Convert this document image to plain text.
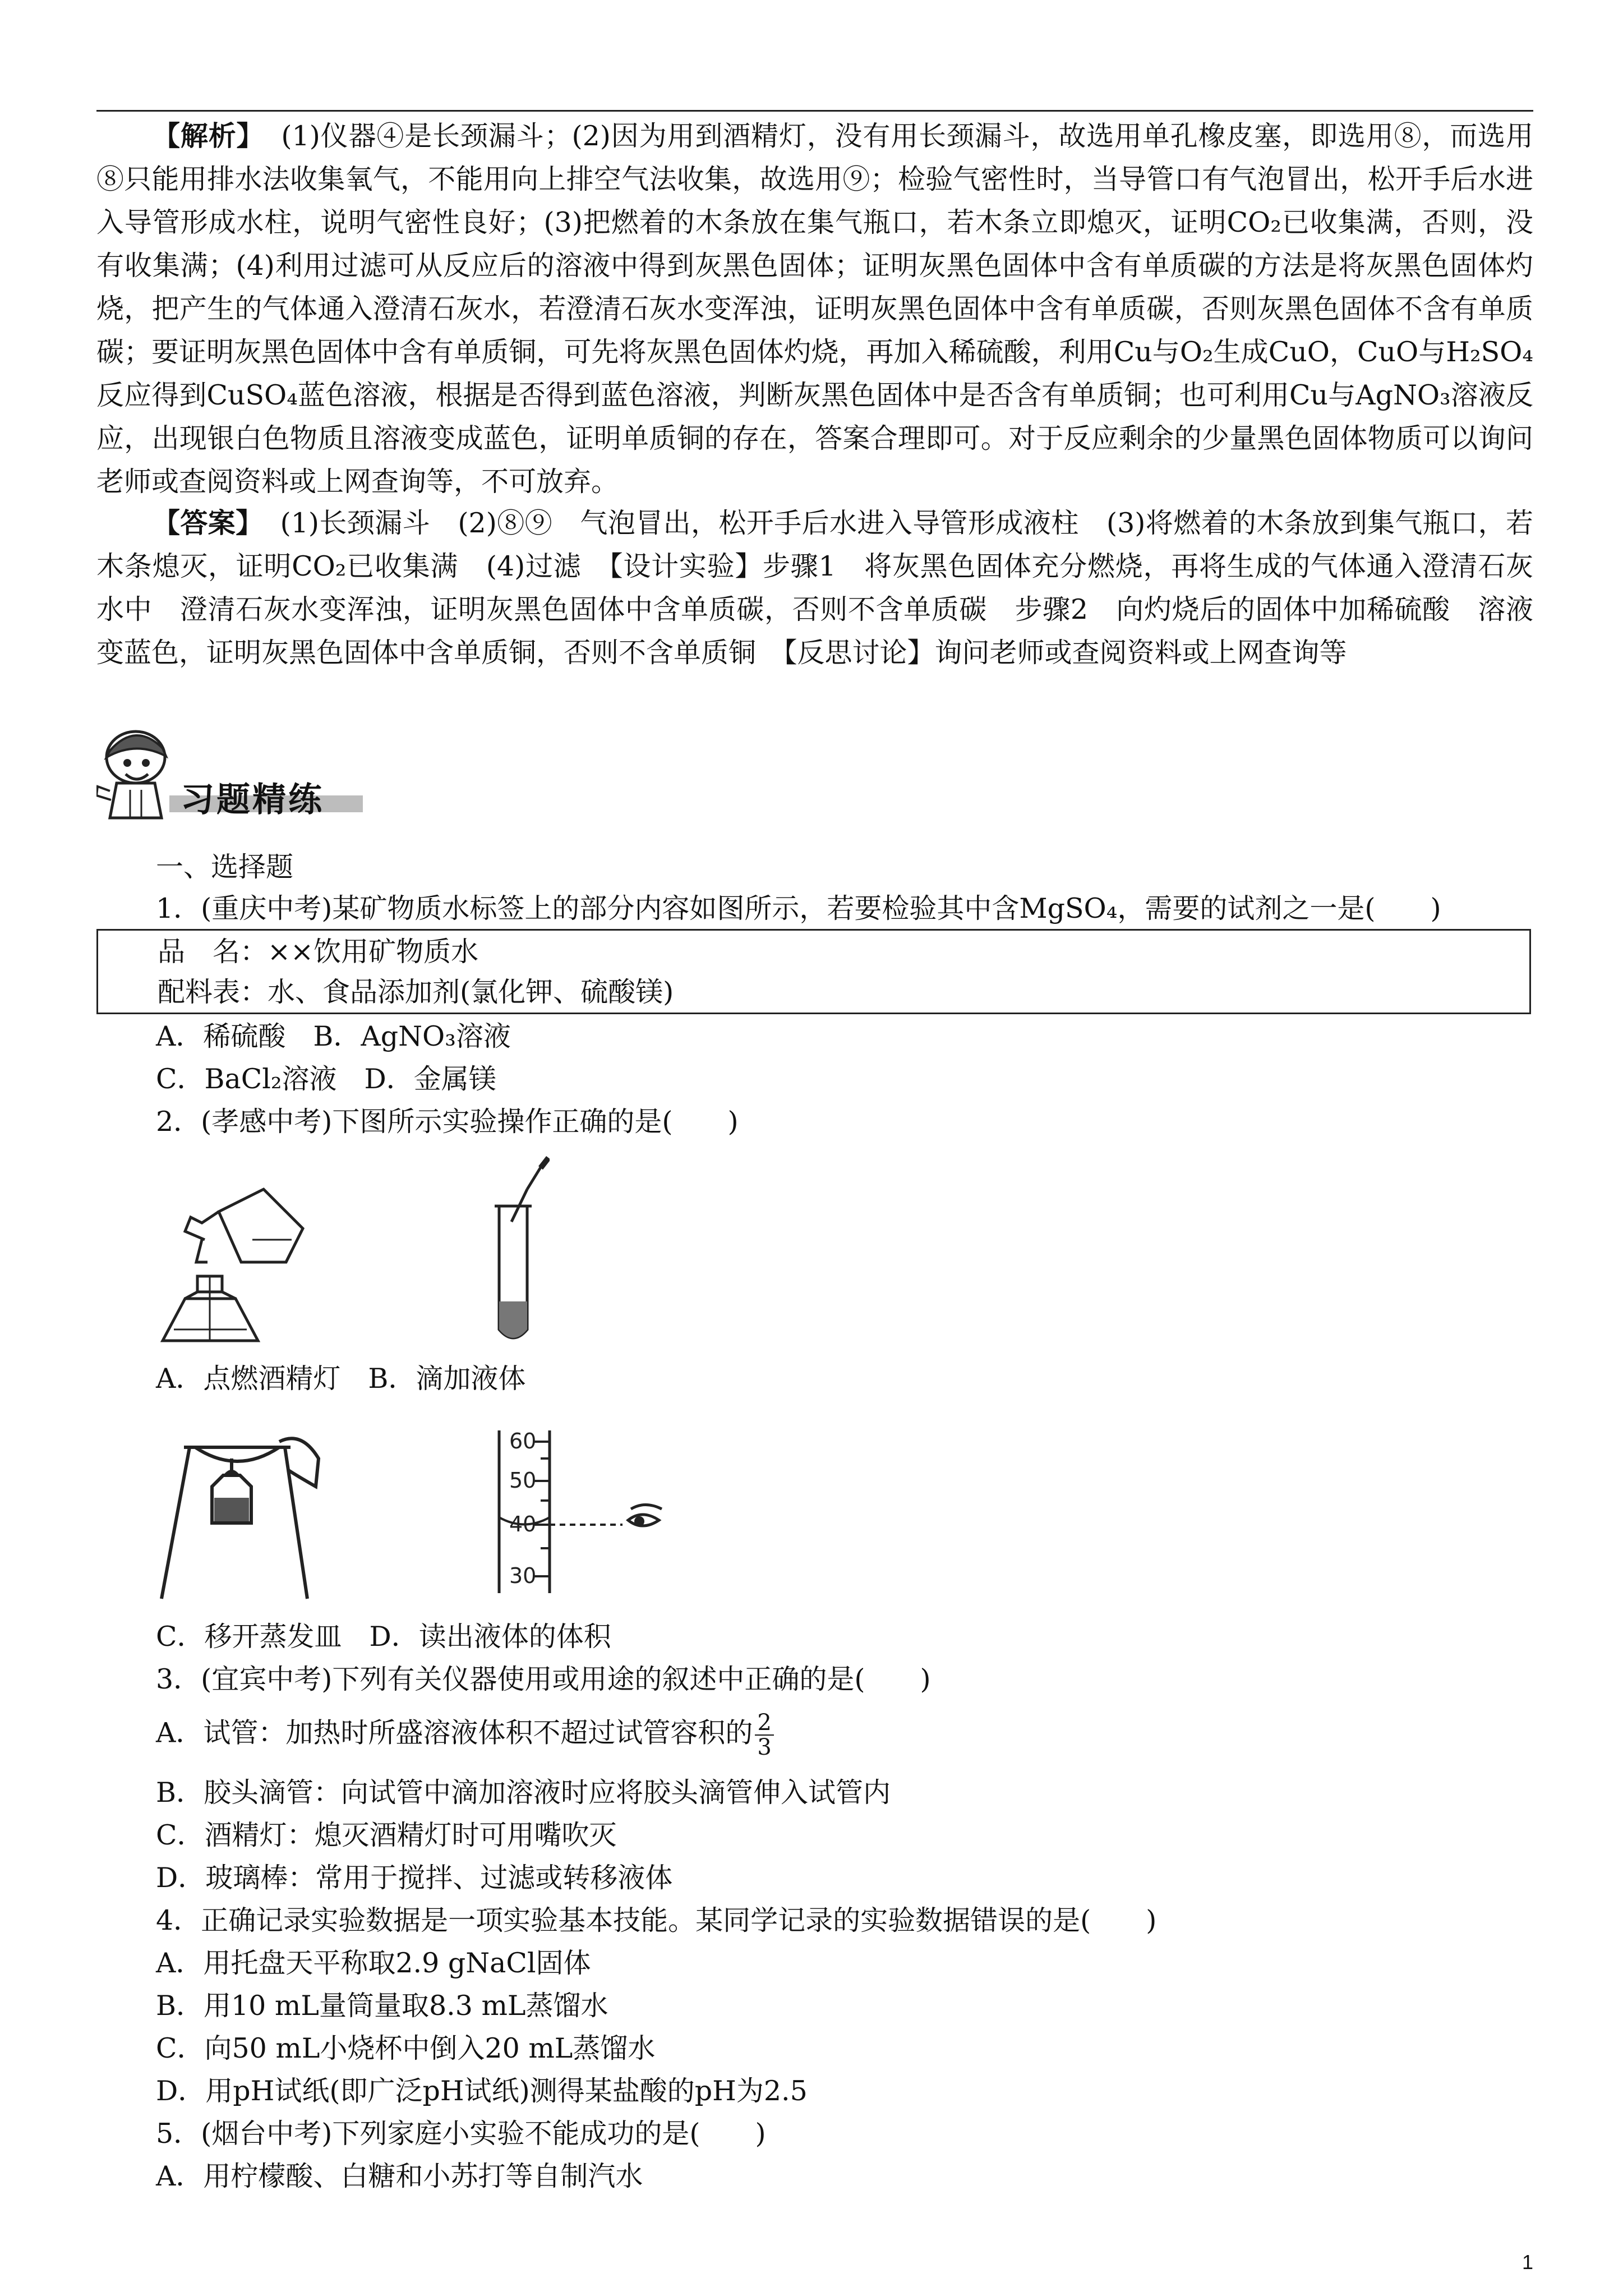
【解析】 (1)仪器④是长颈漏斗；(2)因为用到酒精灯，没有用长颈漏斗，故选用单孔橡皮塞，即选用⑧，而选用⑧只能用排水法收集氧气，不能用向上排空气法收集，故选用⑨；检验气密性时，当导管口有气泡冒出，松开手后水进入导管形成水柱，说明气密性良好；(3)把燃着的木条放在集气瓶口，若木条立即熄灭，证明CO₂已收集满，否则，没有收集满；(4)利用过滤可从反应后的溶液中得到灰黑色固体；证明灰黑色固体中含有单质碳的方法是将灰黑色固体灼烧，把产生的气体通入澄清石灰水，若澄清石灰水变浑浊，证明灰黑色固体中含有单质碳，否则灰黑色固体不含有单质碳；要证明灰黑色固体中含有单质铜，可先将灰黑色固体灼烧，再加入稀硫酸，利用Cu与O₂生成CuO，CuO与H₂SO₄反应得到CuSO₄蓝色溶液，根据是否得到蓝色溶液，判断灰黑色固体中是否含有单质铜；也可利用Cu与AgNO₃溶液反应，出现银白色物质且溶液变成蓝色，证明单质铜的存在，答案合理即可。对于反应剩余的少量黑色固体物质可以询问老师或查阅资料或上网查询等，不可放弃。

【答案】 (1)长颈漏斗　(2)⑧⑨　气泡冒出，松开手后水进入导管形成液柱　(3)将燃着的木条放到集气瓶口，若木条熄灭，证明CO₂已收集满　(4)过滤　【设计实验】步骤1　将灰黑色固体充分燃烧，再将生成的气体通入澄清石灰水中　澄清石灰水变浑浊，证明灰黑色固体中含单质碳，否则不含单质碳　步骤2　向灼烧后的固体中加稀硫酸　溶液变蓝色，证明灰黑色固体中含单质铜，否则不含单质铜　【反思讨论】询问老师或查阅资料或上网查询等

习题精练
一、选择题
1．(重庆中考)某矿物质水标签上的部分内容如图所示，若要检验其中含MgSO₄，需要的试剂之一是(　　)
品　名：××饮用矿物质水
配料表：水、食品添加剂(氯化钾、硫酸镁)
A．稀硫酸　B．AgNO₃溶液
C．BaCl₂溶液　D．金属镁
2．(孝感中考)下图所示实验操作正确的是(　　)
A．点燃酒精灯　B．滴加液体
60
50
40
30
C．移开蒸发皿　D．读出液体的体积
3．(宜宾中考)下列有关仪器使用或用途的叙述中正确的是(　　)
A．试管：加热时所盛溶液体积不超过试管容积的 $\frac{2}{3}$
B．胶头滴管：向试管中滴加溶液时应将胶头滴管伸入试管内
C．酒精灯：熄灭酒精灯时可用嘴吹灭
D．玻璃棒：常用于搅拌、过滤或转移液体
4．正确记录实验数据是一项实验基本技能。某同学记录的实验数据错误的是(　　)
A．用托盘天平称取2.9 gNaCl固体
B．用10 mL量筒量取8.3 mL蒸馏水
C．向50 mL小烧杯中倒入20 mL蒸馏水
D．用pH试纸(即广泛pH试纸)测得某盐酸的pH为2.5
5．(烟台中考)下列家庭小实验不能成功的是(　　)
A．用柠檬酸、白糖和小苏打等自制汽水
1
